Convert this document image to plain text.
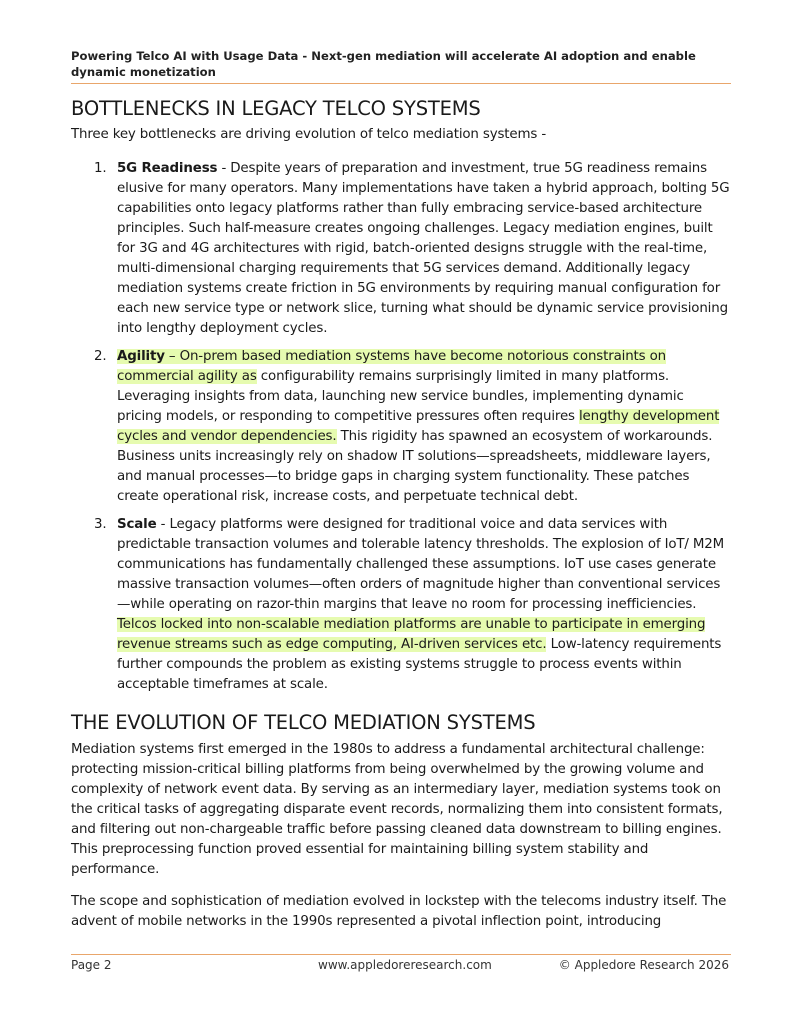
Powering Telco AI with Usage Data - Next-gen mediation will accelerate AI adoption and enable dynamic monetization
BOTTLENECKS IN LEGACY TELCO SYSTEMS

Three key bottlenecks are driving evolution of telco mediation systems -

1. 5G Readiness - Despite years of preparation and investment, true 5G readiness remains elusive for many operators. Many implementations have taken a hybrid approach, bolting 5G capabilities onto legacy platforms rather than fully embracing service-based architecture principles. Such half-measure creates ongoing challenges. Legacy mediation engines, built for 3G and 4G architectures with rigid, batch-oriented designs struggle with the real-time, multi-dimensional charging requirements that 5G services demand. Additionally legacy mediation systems create friction in 5G environments by requiring manual configuration for each new service type or network slice, turning what should be dynamic service provisioning into lengthy deployment cycles.
2. Agility – On-prem based mediation systems have become notorious constraints on commercial agility as configurability remains surprisingly limited in many platforms. Leveraging insights from data, launching new service bundles, implementing dynamic pricing models, or responding to competitive pressures often requires lengthy development cycles and vendor dependencies. This rigidity has spawned an ecosystem of workarounds. Business units increasingly rely on shadow IT solutions—spreadsheets, middleware layers, and manual processes—to bridge gaps in charging system functionality. These patches create operational risk, increase costs, and perpetuate technical debt.
3. Scale - Legacy platforms were designed for traditional voice and data services with predictable transaction volumes and tolerable latency thresholds. The explosion of IoT/ M2M communications has fundamentally challenged these assumptions. IoT use cases generate massive transaction volumes—often orders of magnitude higher than conventional services—while operating on razor-thin margins that leave no room for processing inefficiencies. Telcos locked into non-scalable mediation platforms are unable to participate in emerging revenue streams such as edge computing, AI-driven services etc. Low-latency requirements further compounds the problem as existing systems struggle to process events within acceptable timeframes at scale.
THE EVOLUTION OF TELCO MEDIATION SYSTEMS

Mediation systems first emerged in the 1980s to address a fundamental architectural challenge: protecting mission-critical billing platforms from being overwhelmed by the growing volume and complexity of network event data. By serving as an intermediary layer, mediation systems took on the critical tasks of aggregating disparate event records, normalizing them into consistent formats, and filtering out non-chargeable traffic before passing cleaned data downstream to billing engines. This preprocessing function proved essential for maintaining billing system stability and performance.

The scope and sophistication of mediation evolved in lockstep with the telecoms industry itself. The advent of mobile networks in the 1990s represented a pivotal inflection point, introducing

Page 2	www.appledoreresearch.com	© Appledore Research 2026
